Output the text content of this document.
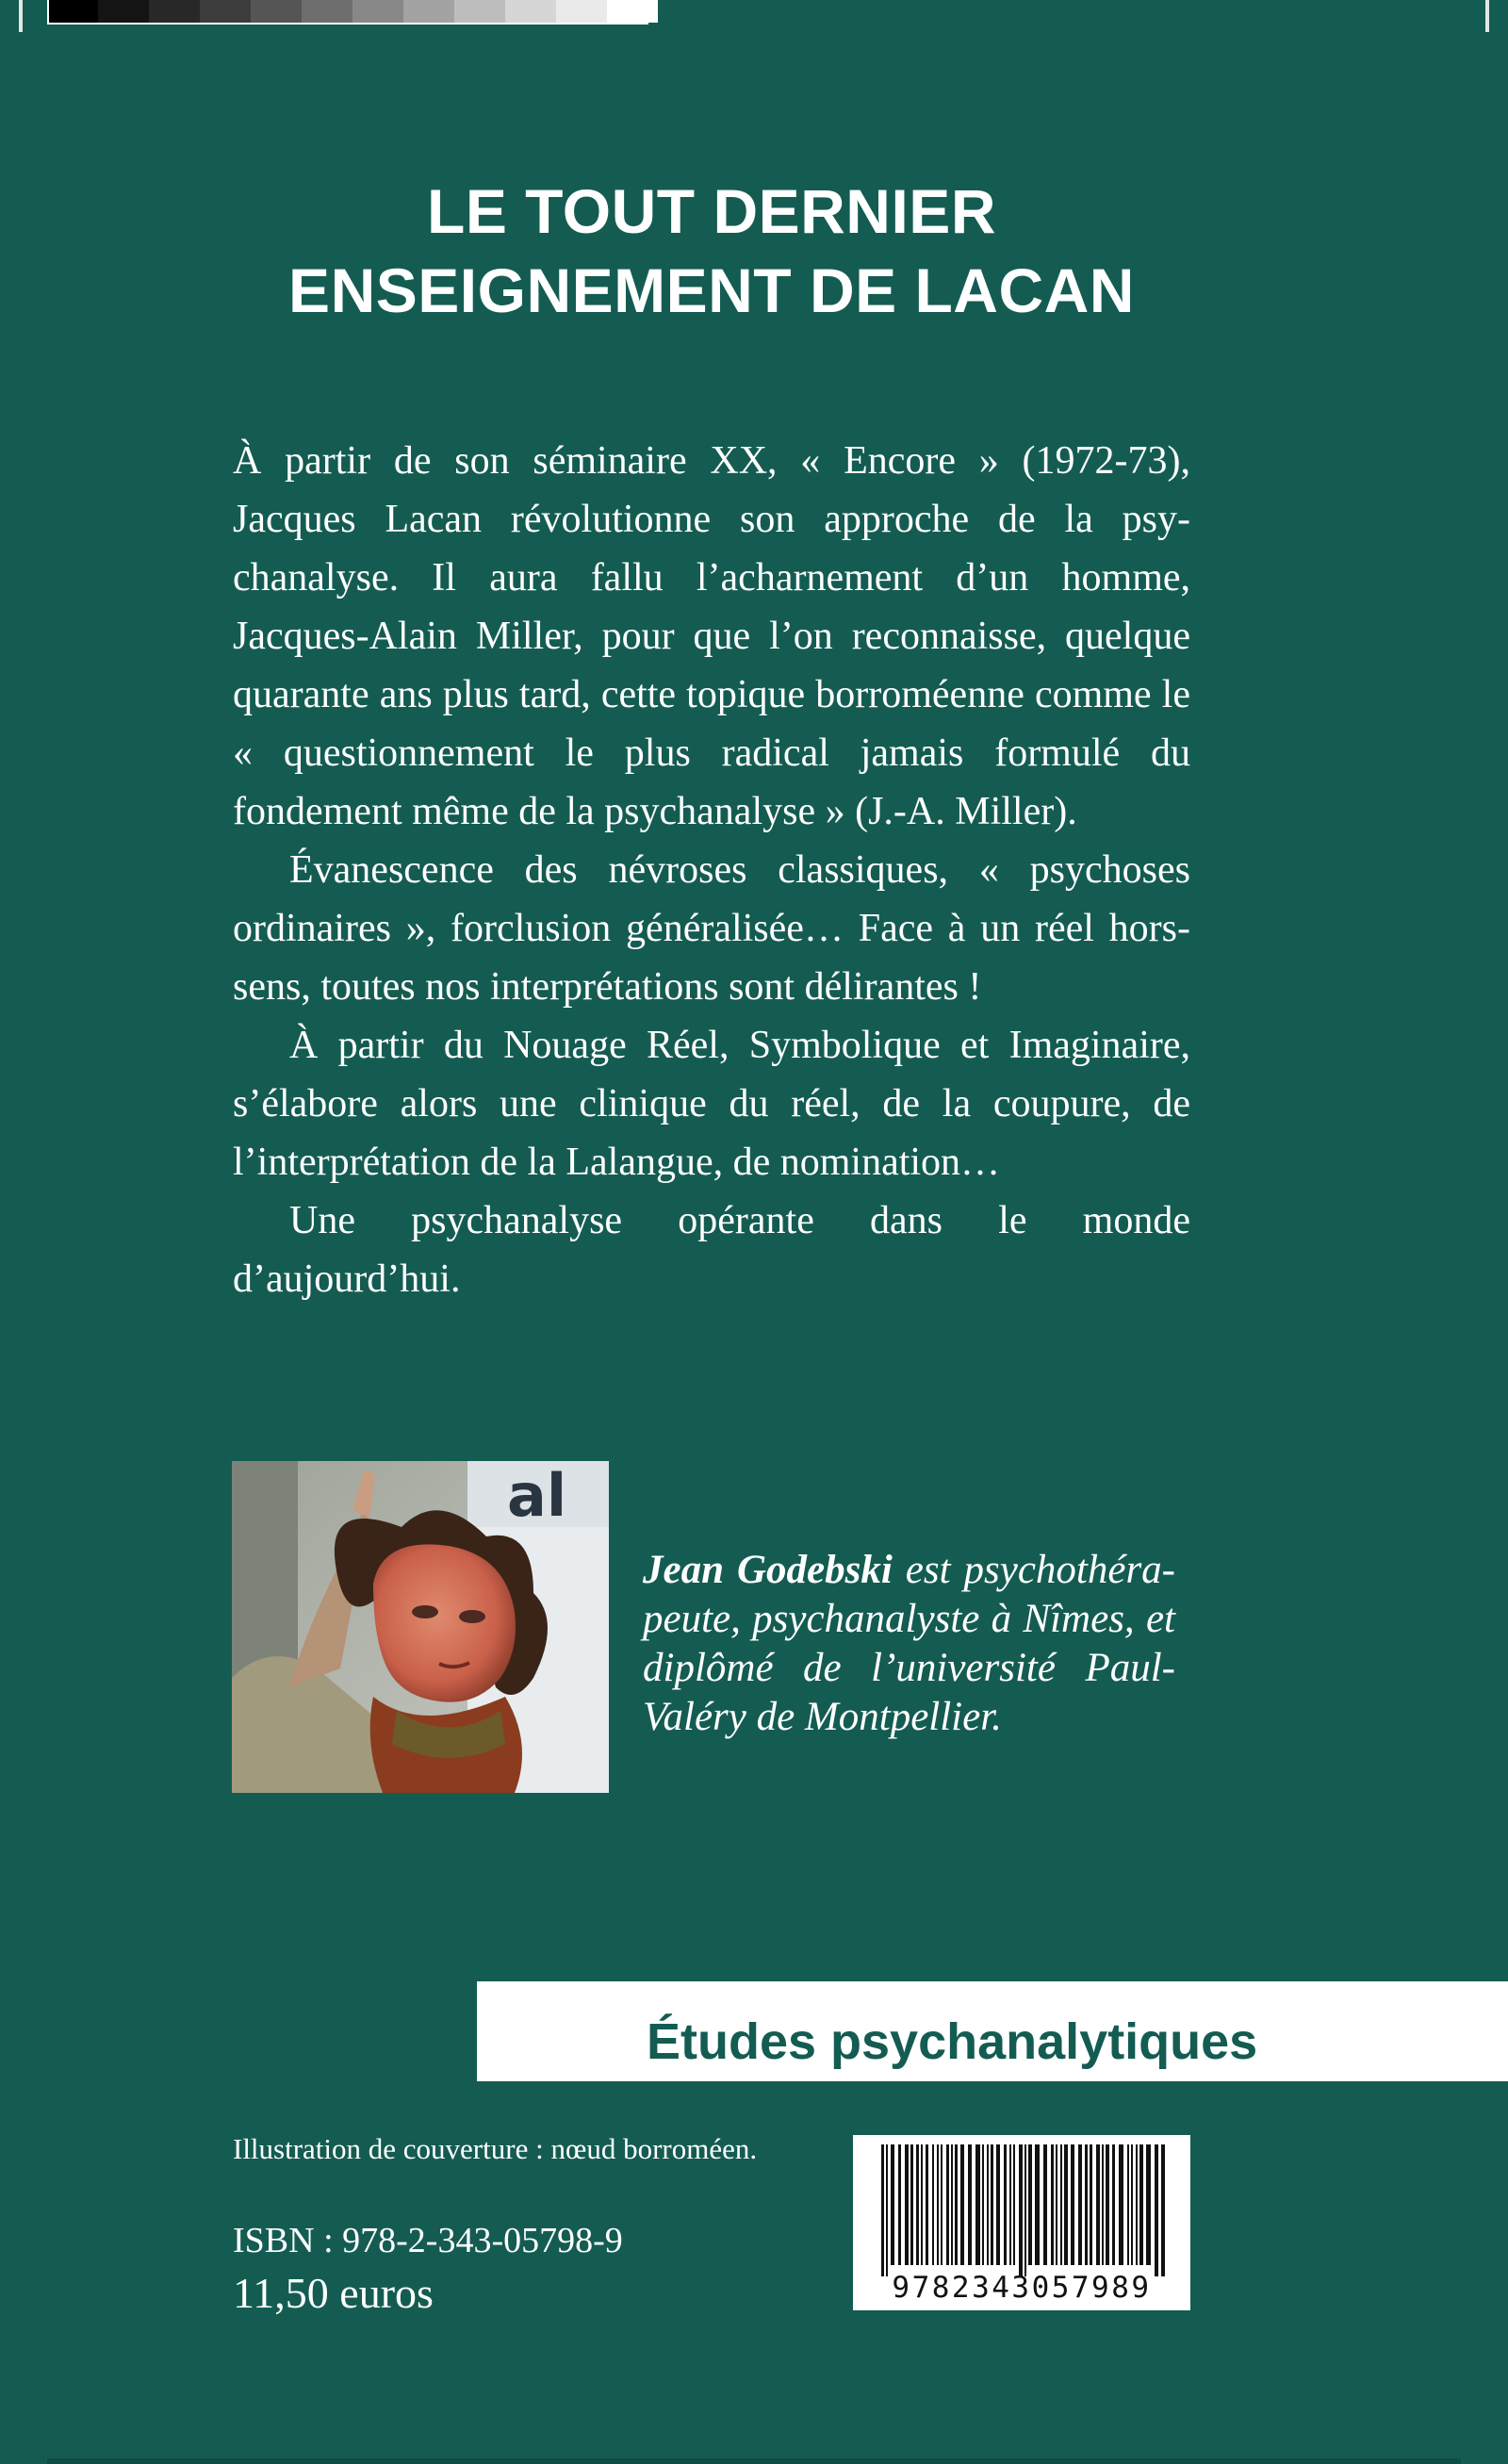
LE TOUT DERNIER
ENSEIGNEMENT DE LACAN

À partir de son séminaire XX, « Encore » (1972-73), Jacques Lacan révolutionne son approche de la psychanalyse. Il aura fallu l’acharnement d’un homme, Jacques-Alain Miller, pour que l’on reconnaisse, quelque quarante ans plus tard, cette topique borroméenne comme le « questionnement le plus radical jamais formulé du fondement même de la psychanalyse » (J.-A. Miller).

Évanescence des névroses classiques, « psychoses ordinaires », forclusion généralisée… Face à un réel hors-sens, toutes nos interprétations sont délirantes !

À partir du Nouage Réel, Symbolique et Imaginaire, s’élabore alors une clinique du réel, de la coupure, de l’interprétation de la Lalangue, de nomination…

Une psychanalyse opérante dans le monde d’aujourd’hui.

al
Jean Godebski est psychothérapeute, psychanalyste à Nîmes, et diplômé de l’université Paul-Valéry de Montpellier.
Études psychanalytiques
Illustration de couverture : nœud borroméen.
ISBN : 978-2-343-05798-9
11,50 euros	9782343057989
